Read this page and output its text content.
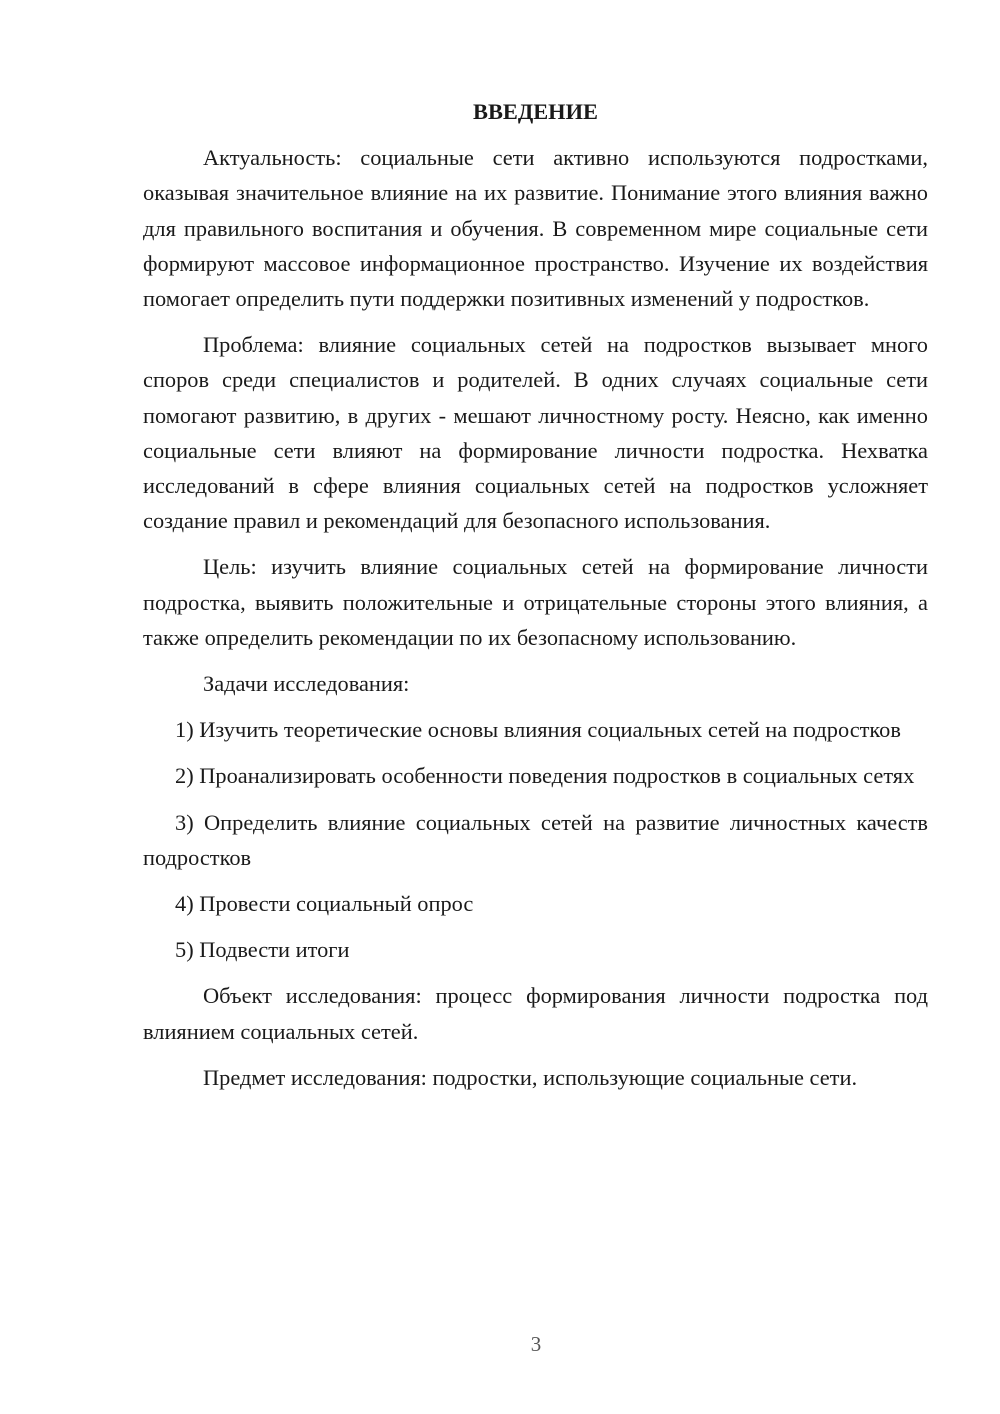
ВВЕДЕНИЕ

Актуальность: социальные сети активно используются подростками, оказывая значительное влияние на их развитие. Понимание этого влияния важно для правильного воспитания и обучения. В современном мире социальные сети формируют массовое информационное пространство. Изучение их воздействия помогает определить пути поддержки позитивных изменений у подростков.

Проблема: влияние социальных сетей на подростков вызывает много споров среди специалистов и родителей. В одних случаях социальные сети помогают развитию, в других - мешают личностному росту. Неясно, как именно социальные сети влияют на формирование личности подростка. Нехватка исследований в сфере влияния социальных сетей на подростков усложняет создание правил и рекомендаций для безопасного использования.

Цель: изучить влияние социальных сетей на формирование личности подростка, выявить положительные и отрицательные стороны этого влияния, а также определить рекомендации по их безопасному использованию.

Задачи исследования:

1) Изучить теоретические основы влияния социальных сетей на подростков

2) Проанализировать особенности поведения подростков в социальных сетях

3) Определить влияние социальных сетей на развитие личностных качеств подростков

4) Провести социальный опрос

5) Подвести итоги

Объект исследования: процесс формирования личности подростка под влиянием социальных сетей.

Предмет исследования: подростки, использующие социальные сети.

3
